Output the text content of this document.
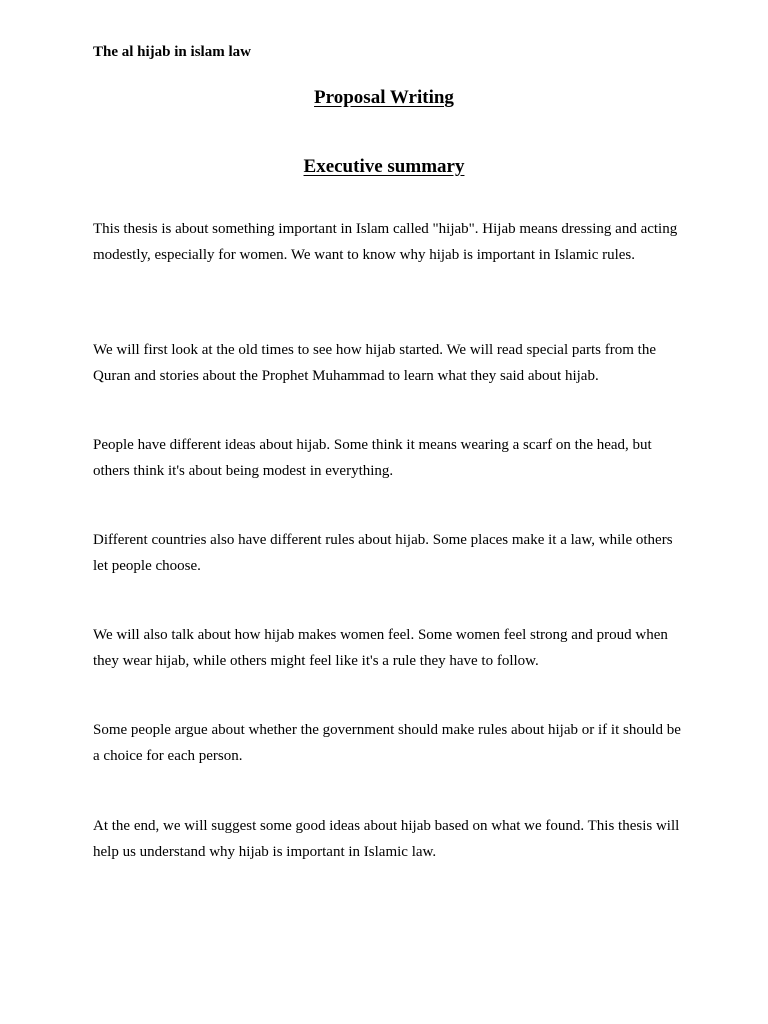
The al hijab in islam law
Proposal Writing
Executive summary

This thesis is about something important in Islam called "hijab". Hijab means dressing and acting modestly, especially for women. We want to know why hijab is important in Islamic rules.

We will first look at the old times to see how hijab started. We will read special parts from the Quran and stories about the Prophet Muhammad to learn what they said about hijab.

People have different ideas about hijab. Some think it means wearing a scarf on the head, but others think it's about being modest in everything.

Different countries also have different rules about hijab. Some places make it a law, while others let people choose.

We will also talk about how hijab makes women feel. Some women feel strong and proud when they wear hijab, while others might feel like it's a rule they have to follow.

Some people argue about whether the government should make rules about hijab or if it should be a choice for each person.

At the end, we will suggest some good ideas about hijab based on what we found. This thesis will help us understand why hijab is important in Islamic law.
